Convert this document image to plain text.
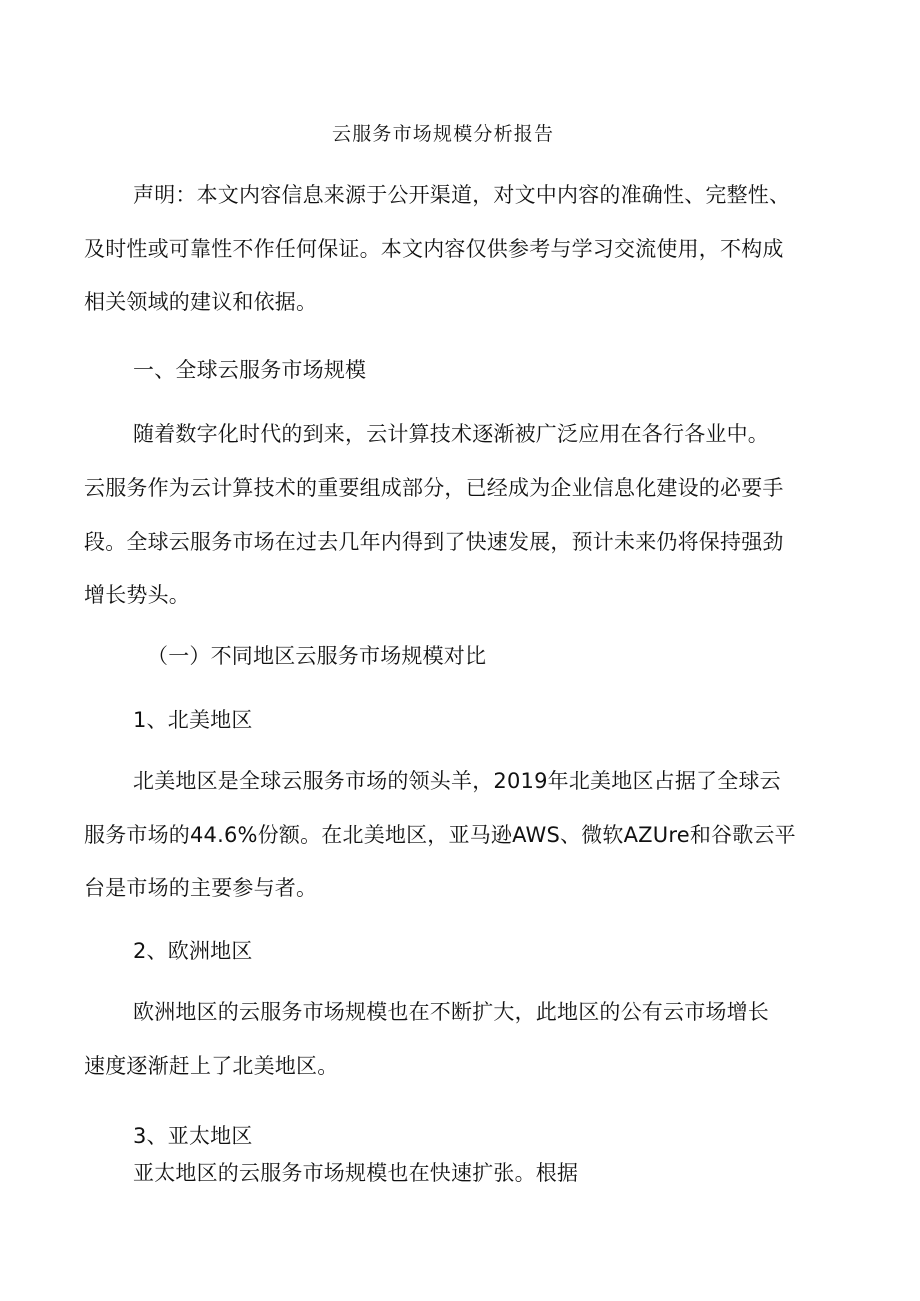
云服务市场规模分析报告
声明：本文内容信息来源于公开渠道，对文中内容的准确性、完整性、
及时性或可靠性不作任何保证。本文内容仅供参考与学习交流使用，不构成
相关领域的建议和依据。
一、全球云服务市场规模
随着数字化时代的到来，云计算技术逐渐被广泛应用在各行各业中。
云服务作为云计算技术的重要组成部分，已经成为企业信息化建设的必要手
段。全球云服务市场在过去几年内得到了快速发展，预计未来仍将保持强劲
增长势头。
（一）不同地区云服务市场规模对比
1、北美地区
北美地区是全球云服务市场的领头羊，2019年北美地区占据了全球云
服务市场的44.6%份额。在北美地区，亚马逊AWS、微软AZUre和谷歌云平
台是市场的主要参与者。
2、欧洲地区
欧洲地区的云服务市场规模也在不断扩大，此地区的公有云市场增长
速度逐渐赶上了北美地区。
3、亚太地区
亚太地区的云服务市场规模也在快速扩张。根据
